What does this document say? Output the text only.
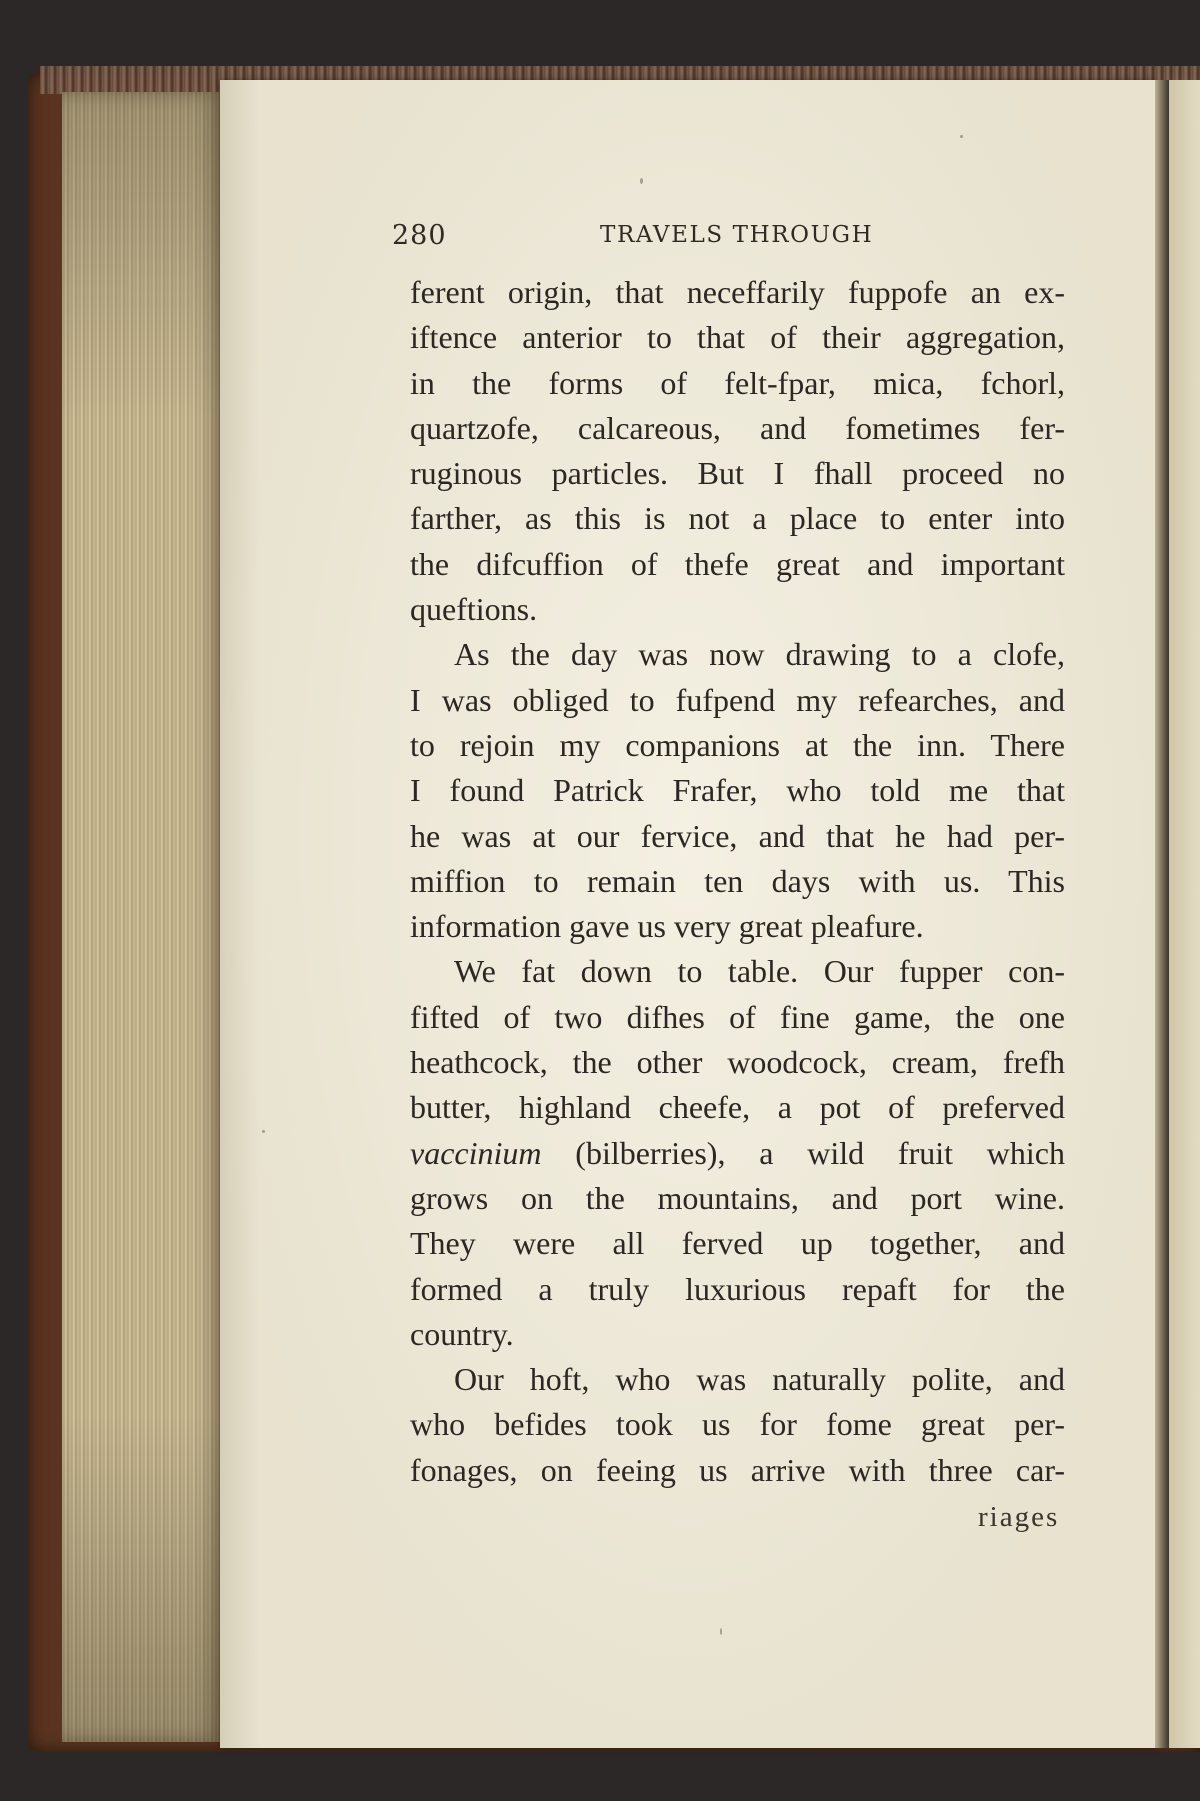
280	TRAVELS THROUGH
ferent origin, that neceffarily fuppofe an ex-
iftence anterior to that of their aggregation,
in the forms of felt-fpar, mica, fchorl,
quartzofe, calcareous, and fometimes fer-
ruginous particles. But I fhall proceed no
farther, as this is not a place to enter into
the difcuffion of thefe great and important
queftions.
As the day was now drawing to a clofe,
I was obliged to fufpend my refearches, and
to rejoin my companions at the inn. There
I found Patrick Frafer, who told me that
he was at our fervice, and that he had per-
miffion to remain ten days with us. This
information gave us very great pleafure.
We fat down to table. Our fupper con-
fifted of two difhes of fine game, the one
heathcock, the other woodcock, cream, frefh
butter, highland cheefe, a pot of preferved
vaccinium (bilberries), a wild fruit which
grows on the mountains, and port wine.
They were all ferved up together, and
formed a truly luxurious repaft for the
country.
Our hoft, who was naturally polite, and
who befides took us for fome great per-
fonages, on feeing us arrive with three car-
riages
